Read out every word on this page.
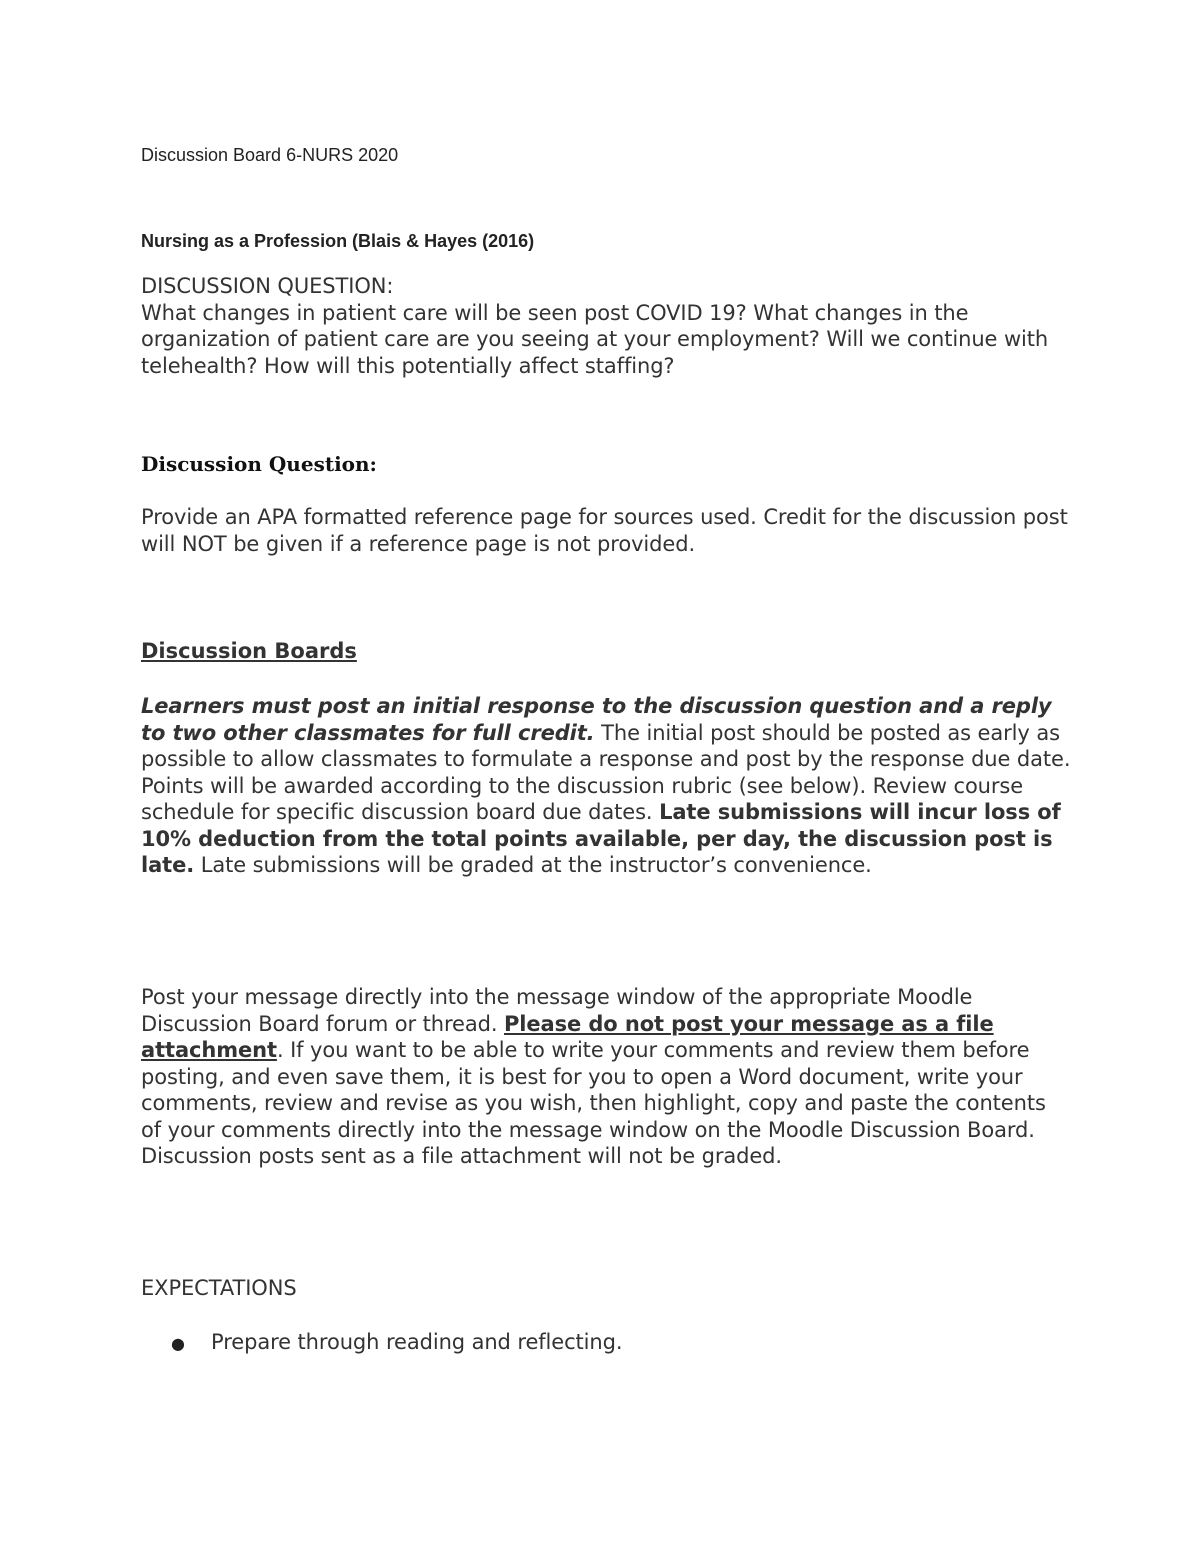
Discussion Board 6-NURS 2020
Nursing as a Profession (Blais & Hayes (2016)
DISCUSSION QUESTION:
What changes in patient care will be seen post COVID 19? What changes in the organization of patient care are you seeing at your employment? Will we continue with telehealth? How will this potentially affect staffing?
Discussion Question:

Provide an APA formatted reference page for sources used. Credit for the discussion post will NOT be given if a reference page is not provided.

Discussion Boards

Learners must post an initial response to the discussion question and a reply to two other classmates for full credit. The initial post should be posted as early as possible to allow classmates to formulate a response and post by the response due date. Points will be awarded according to the discussion rubric (see below). Review course schedule for specific discussion board due dates. Late submissions will incur loss of 10% deduction from the total points available, per day, the discussion post is late. Late submissions will be graded at the instructor’s convenience.

Post your message directly into the message window of the appropriate Moodle Discussion Board forum or thread. Please do not post your message as a file attachment. If you want to be able to write your comments and review them before posting, and even save them, it is best for you to open a Word document, write your comments, review and revise as you wish, then highlight, copy and paste the contents of your comments directly into the message window on the Moodle Discussion Board. Discussion posts sent as a file attachment will not be graded.

EXPECTATIONS
●	Prepare through reading and reflecting.
